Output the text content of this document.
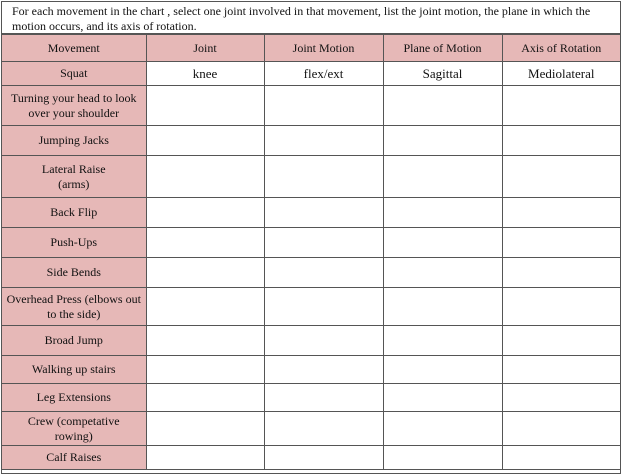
For each movement in the chart , select one joint involved in that movement, list the joint motion, the plane in which the motion occurs, and its axis of rotation.
Movement	Joint	Joint Motion	Plane of Motion	Axis of Rotation
Squat	knee	flex/ext	Sagittal	Mediolateral
Turning your head to look over your shoulder				
Jumping Jacks				
Lateral Raise (arms)				
Back Flip				
Push-Ups				
Side Bends				
Overhead Press (elbows out to the side)				
Broad Jump				
Walking up stairs				
Leg Extensions				
Crew (competative rowing)				
Calf Raises				
